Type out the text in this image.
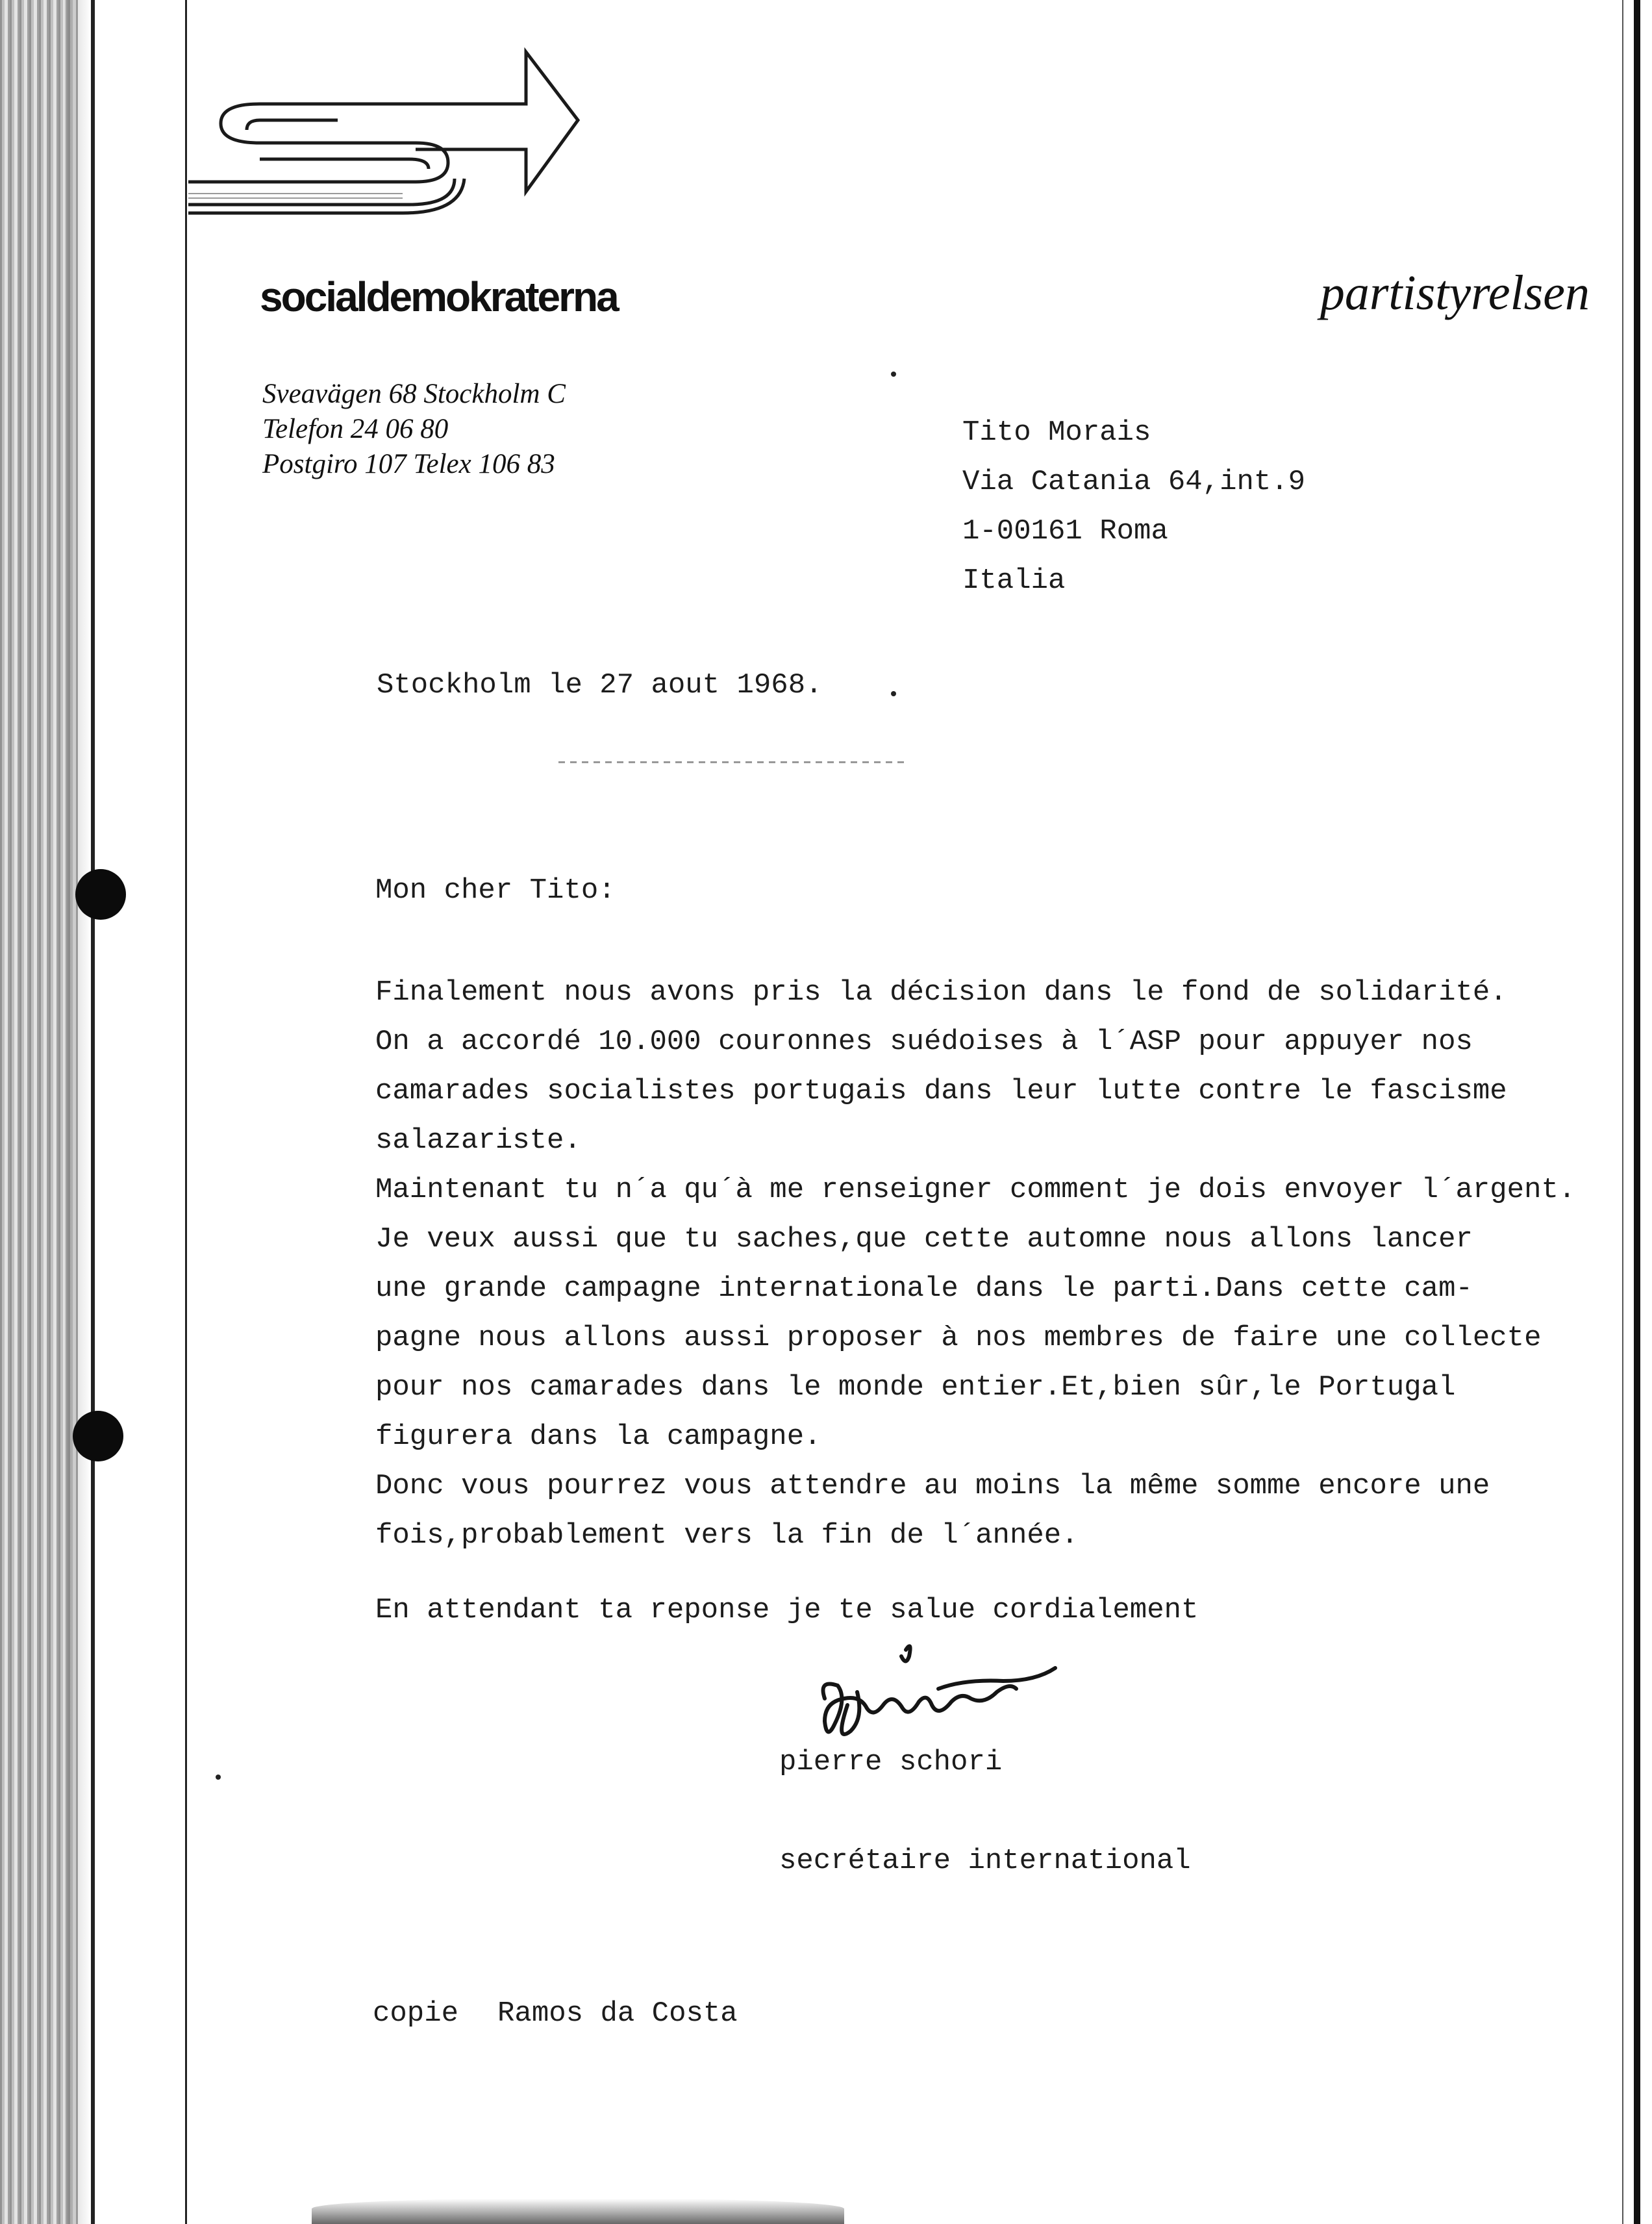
socialdemokraterna	partistyrelsen

Sveavägen 68 Stockholm C
Telefon 24 06 80
Postgiro 107 Telex 106 83
Tito Morais
Via Catania 64,int.9
1-00161 Roma
Italia
Stockholm le 27 aout 1968.
Mon cher Tito:
Finalement nous avons pris la décision dans le fond de solidarité.
On a accordé 10.000 couronnes suédoises à l´ASP pour appuyer nos
camarades socialistes portugais dans leur lutte contre le fascisme
salazariste.
Maintenant tu n´a qu´à me renseigner comment je dois envoyer l´argent.
Je veux aussi que tu saches,que cette automne nous allons lancer
une grande campagne internationale dans le parti.Dans cette cam-
pagne nous allons aussi proposer à nos membres de faire une collecte
pour nos camarades dans le monde entier.Et,bien sûr,le Portugal
figurera dans la campagne.
Donc vous pourrez vous attendre au moins la même somme encore une
fois,probablement vers la fin de l´année.
En attendant ta reponse je te salue cordialement
pierre schori
secrétaire international
copie Ramos da Costa
